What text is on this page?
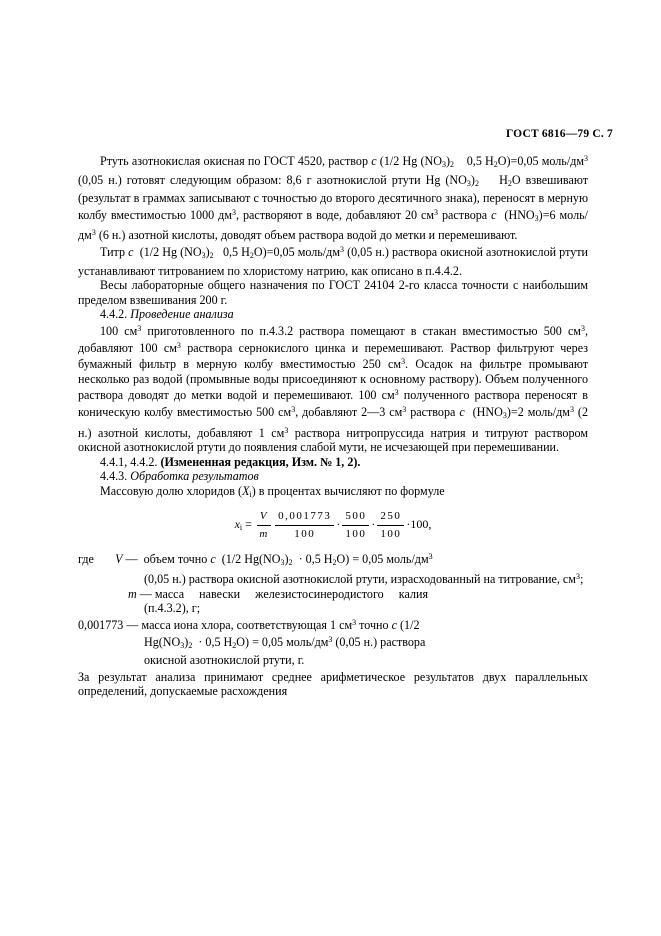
ГОСТ 6816—79 С. 7

Ртуть азотнокислая окисная по ГОСТ 4520, раствор c (1/2 Hg $(NO_3)_2$    0,5 $H_2O)=0,05$ моль/$дм^3$ (0,05 н.) готовят следующим образом: 8,6 г азотнокислой ртути Hg $(NO_3)_2$    $H_2O$ взвешивают (результат в граммах записывают с точностью до второго десятичного знака), переносят в мерную колбу вместимостью 1000 $дм^3$, растворяют в воде, добавляют 20 $см^3$ раствора c  $(HNO_3)=6$ моль/$дм^3$ (6 н.) азотной кислоты, доводят объем раствора водой до метки и перемешивают.

Титр c  (1/2 Hg $(NO_3)_2$   0,5 $H_2O)=0,05$ моль/$дм^3$ (0,05 н.) раствора окисной азотнокислой ртути устанавливают титрованием по хлористому натрию, как описано в п.4.4.2.

Весы лабораторные общего назначения по ГОСТ 24104 2-го класса точности с наибольшим пределом взвешивания 200 г.

4.4.2. Проведение анализа

100 $см^3$ приготовленного по п.4.3.2 раствора помещают в стакан вместимостью 500 $см^3$, добавляют 100 $см^3$ раствора сернокислого цинка и перемешивают. Раствор фильтруют через бумажный фильтр в мерную колбу вместимостью 250 $см^3$. Осадок на фильтре промывают несколько раз водой (промывные воды присоединяют к основному раствору). Объем полученного раствора доводят до метки водой и перемешивают. 100 $см^3$ полученного раствора переносят в коническую колбу вместимостью 500 $см^3$, добавляют 2—3 $см^3$ раствора c  $(HNO_3)=2$ моль/$дм^3$ (2 н.) азотной кислоты, добавляют 1 $см^3$ раствора нитропруссида натрия и титруют раствором окисной азотнокислой ртути до появления слабой мути, не исчезающей при перемешивании.

4.4.1, 4.4.2. (Измененная редакция, Изм. № 1, 2).

4.4.3. Обработка результатов

Массовую долю хлоридов $(X_i)$ в процентах вычисляют по формуле

$x_i = \frac{V}{m} \frac{0,001773}{100} \cdot \frac{500}{100} \cdot \frac{250}{100} \cdot 100$,

где V —  объем точно c  (1/2 $Hg(NO_3)_2 \cdot 0,5$ $H_2O) = 0,05$ моль/$дм^3$

(0,05 н.) раствора окисной азотнокислой ртути, израсходованный на титрование, $см^3$;

m — масса     навески     железистосинеродистого     калия

(п.4.3.2), г;

0,001773 — масса иона хлора, соответствующая 1 $см^3$ точно c (1/2

$Hg(NO_3)_2 \cdot 0,5$ $H_2O) = 0,05$ моль/$дм^3$ (0,05 н.) раствора

окисной азотнокислой ртути, г.

За результат анализа принимают среднее арифметическое результатов двух параллельных определений, допускаемые расхождения
